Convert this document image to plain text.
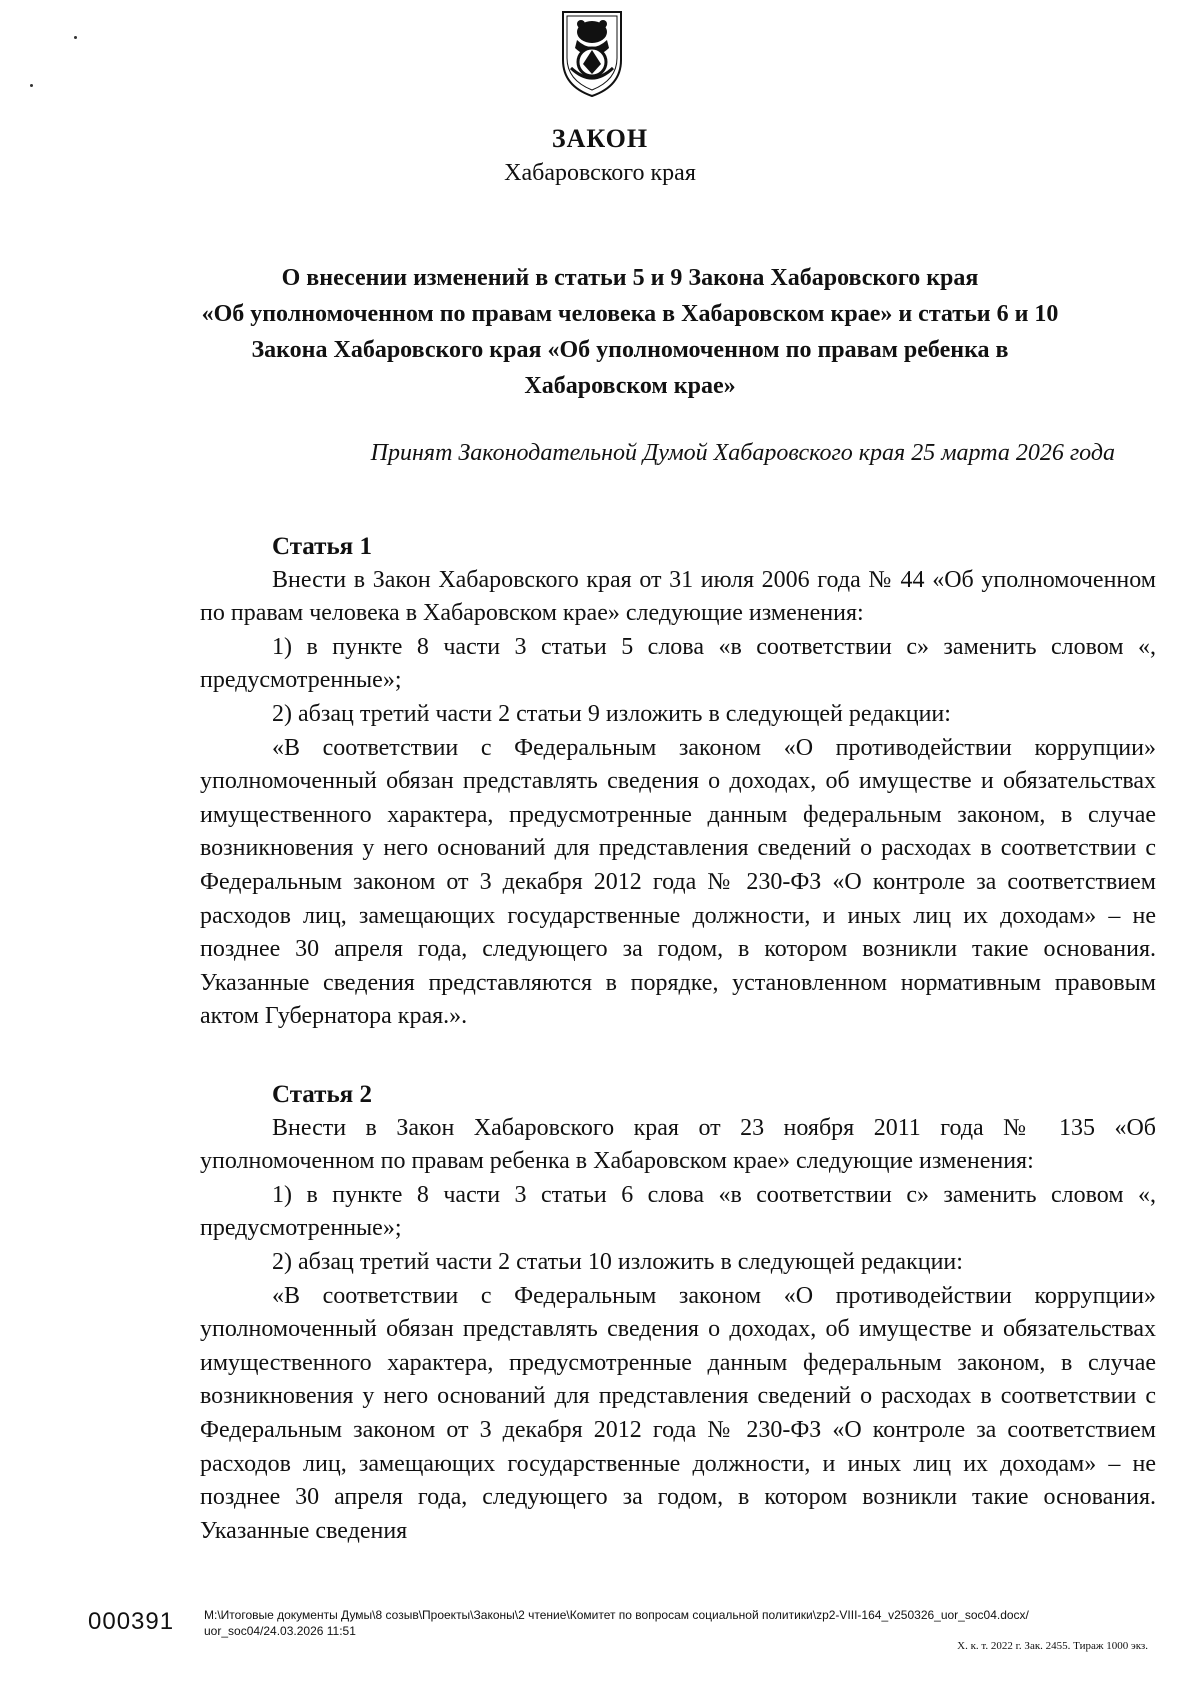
ЗАКОН
Хабаровского края
О внесении изменений в статьи 5 и 9 Закона Хабаровского края
«Об уполномоченном по правам человека в Хабаровском крае» и статьи 6 и 10
Закона Хабаровского края «Об уполномоченном по правам ребенка в
Хабаровском крае»
Принят Законодательной Думой Хабаровского края 25 марта 2026 года
Статья 1

Внести в Закон Хабаровского края от 31 июля 2006 года № 44 «Об уполномоченном по правам человека в Хабаровском крае» следующие изменения:

1) в пункте 8 части 3 статьи 5 слова «в соответствии с» заменить словом «, предусмотренные»;

2) абзац третий части 2 статьи 9 изложить в следующей редакции:

«В соответствии с Федеральным законом «О противодействии коррупции» уполномоченный обязан представлять сведения о доходах, об имуществе и обязательствах имущественного характера, предусмотренные данным федеральным законом, в случае возникновения у него оснований для представления сведений о расходах в соответствии с Федеральным законом от 3 декабря 2012 года № 230-ФЗ «О контроле за соответствием расходов лиц, замещающих государственные должности, и иных лиц их доходам» – не позднее 30 апреля года, следующего за годом, в котором возникли такие основания. Указанные сведения представляются в порядке, установленном нормативным правовым актом Губернатора края.».

Статья 2

Внести в Закон Хабаровского края от 23 ноября 2011 года № 135 «Об уполномоченном по правам ребенка в Хабаровском крае» следующие изменения:

1) в пункте 8 части 3 статьи 6 слова «в соответствии с» заменить словом «, предусмотренные»;

2) абзац третий части 2 статьи 10 изложить в следующей редакции:

«В соответствии с Федеральным законом «О противодействии коррупции» уполномоченный обязан представлять сведения о доходах, об имуществе и обязательствах имущественного характера, предусмотренные данным федеральным законом, в случае возникновения у него оснований для представления сведений о расходах в соответствии с Федеральным законом от 3 декабря 2012 года № 230-ФЗ «О контроле за соответствием расходов лиц, замещающих государственные должности, и иных лиц их доходам» – не позднее 30 апреля года, следующего за годом, в котором возникли такие основания. Указанные сведения

000391 M:\Итоговые документы Думы\8 созыв\Проекты\Законы\2 чтение\Комитет по вопросам социальной политики\zp2-VIII-164_v250326_uor_soc04.docx/
uor_soc04/24.03.2026 11:51
Х. к. т. 2022 г. Зак. 2455. Тираж 1000 экз.
